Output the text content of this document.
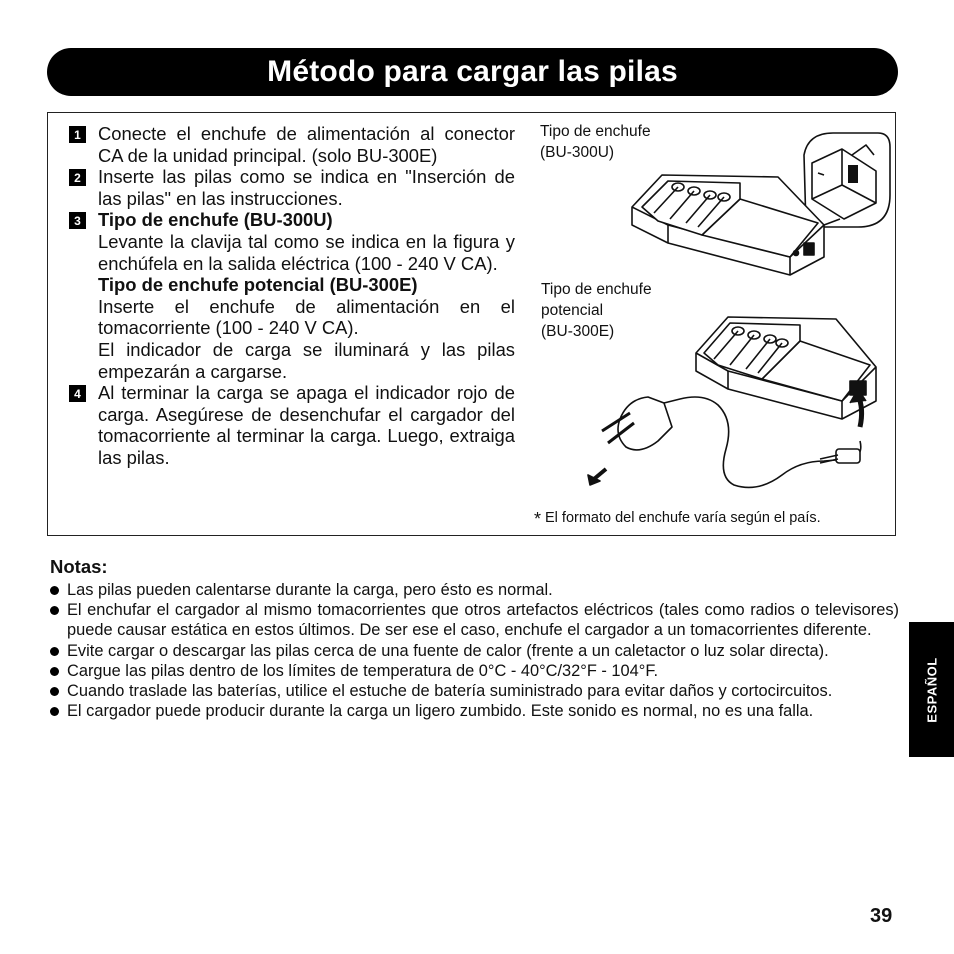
Método para cargar las pilas
1 Conecte el enchufe de alimentación al conector CA de la unidad principal. (solo BU-300E)
2 Inserte las pilas como se indica en "Inserción de las pilas" en las instrucciones.
3 Tipo de enchufe (BU-300U)
Levante la clavija tal como se indica en la figura y enchúfela en la salida eléctrica (100 - 240 V CA).
Tipo de enchufe potencial (BU-300E)
Inserte el enchufe de alimentación en el tomacorriente (100 - 240 V CA).
El indicador de carga se iluminará y las pilas empezarán a cargarse.
4 Al terminar la carga se apaga el indicador rojo de carga. Asegúrese de desenchufar el cargador del tomacorriente al terminar la carga. Luego, extraiga las pilas.
Tipo de enchufe
(BU-300U)
Tipo de enchufe
potencial
(BU-300E)
* El formato del enchufe varía según el país.
Notas:
Las pilas pueden calentarse durante la carga, pero ésto es normal.
El enchufar el cargador al mismo tomacorrientes que otros artefactos eléctricos (tales como radios o televisores) puede causar estática en estos últimos. De ser ese el caso, enchufe el cargador a un tomacorrientes diferente.
Evite cargar o descargar las pilas cerca de una fuente de calor (frente a un caletactor o luz solar directa).
Cargue las pilas dentro de los límites de temperatura de 0°C - 40°C/32°F - 104°F.
Cuando traslade las baterías, utilice el estuche de batería suministrado para evitar daños y cortocircuitos.
El cargador puede producir durante la carga un ligero zumbido. Este sonido es normal, no es una falla.	ESPAÑOL
39
